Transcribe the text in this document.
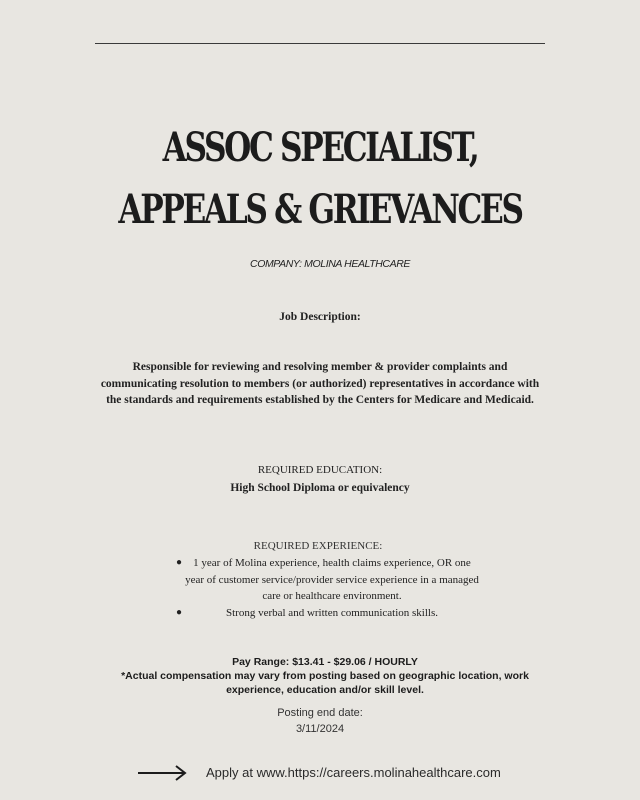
ASSOC SPECIALIST,
APPEALS & GRIEVANCES
COMPANY: MOLINA HEALTHCARE
Job Description:
Responsible for reviewing and resolving member & provider complaints and communicating resolution to members (or authorized) representatives in accordance with the standards and requirements established by the Centers for Medicare and Medicaid.
REQUIRED EDUCATION:
High School Diploma or equivalency
REQUIRED EXPERIENCE:
● 1 year of Molina experience, health claims experience, OR one year of customer service/provider service experience in a managed care or healthcare environment.
●	Strong verbal and written communication skills.
Pay Range: $13.41 - $29.06 / HOURLY
*Actual compensation may vary from posting based on geographic location, work experience, education and/or skill level.
Posting end date:
3/11/2024
Apply at www.https://careers.molinahealthcare.com
